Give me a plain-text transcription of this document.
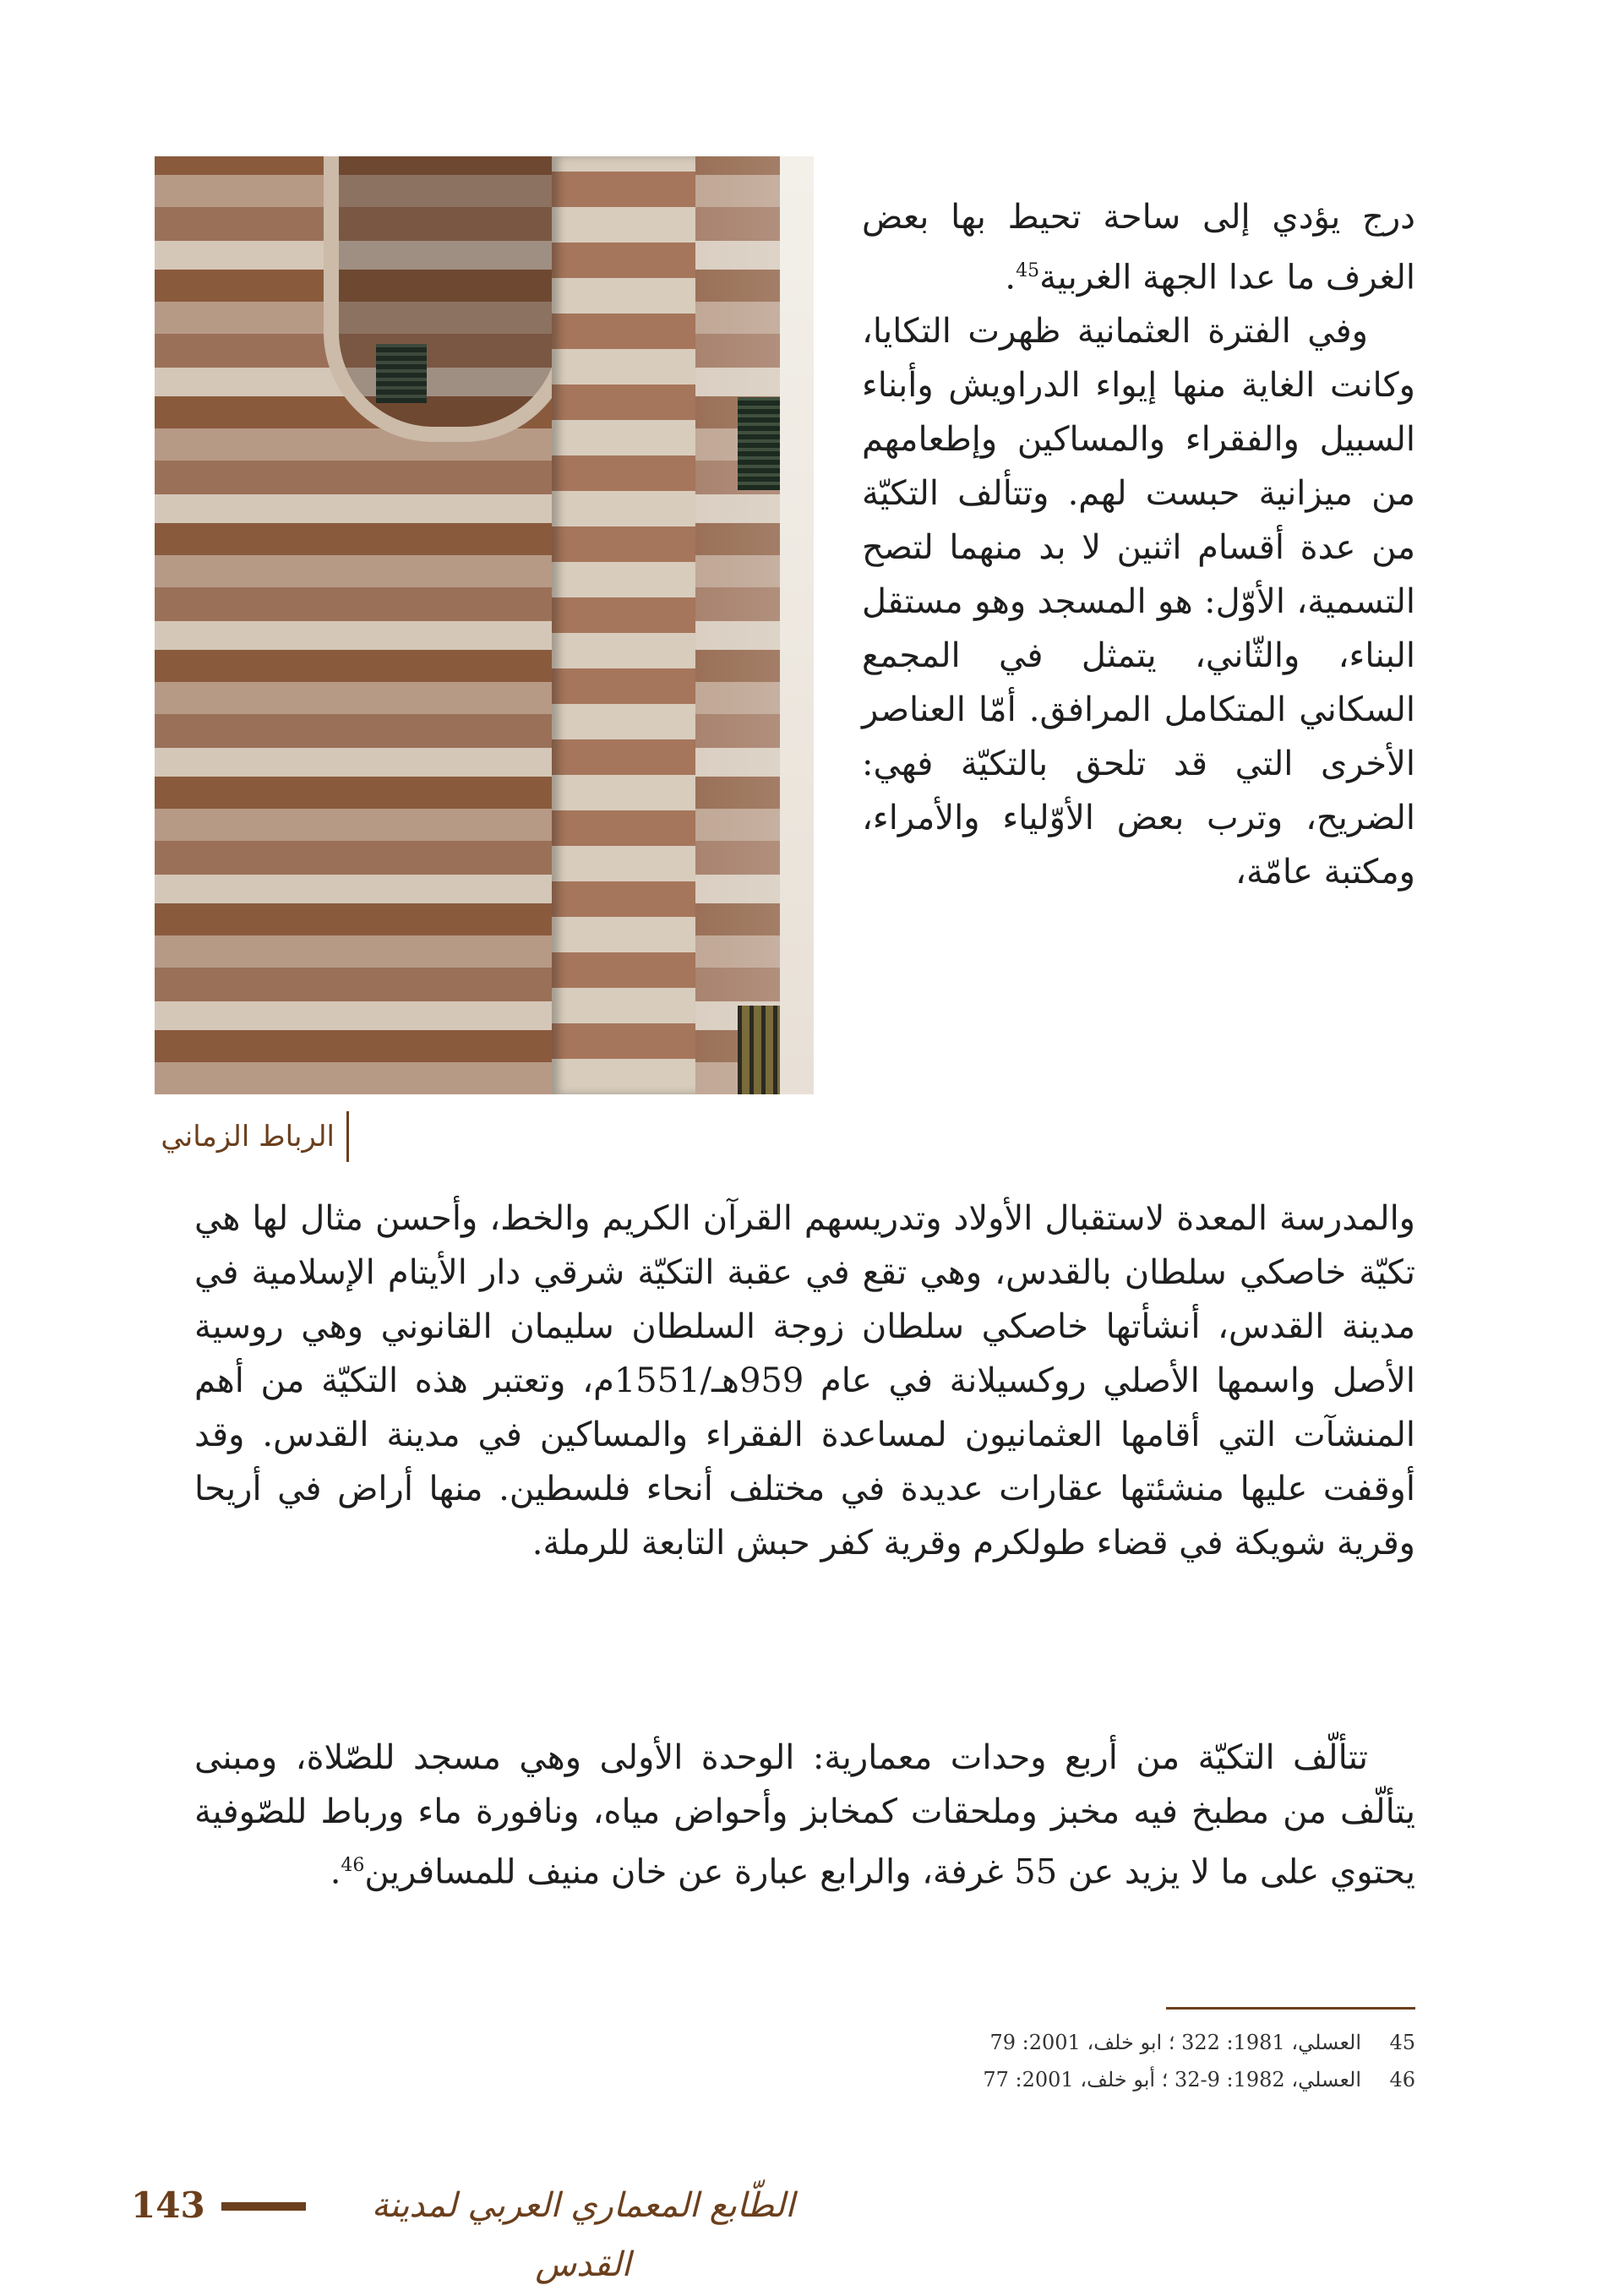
الرباط الزماني

درج يؤدي إلى ساحة تحيط بها بعض الغرف ما عدا الجهة الغربية$^{45}$.

وفي الفترة العثمانية ظهرت التكايا، وكانت الغاية منها إيواء الدراويش وأبناء السبيل والفقراء والمساكين وإطعامهم من ميزانية حبست لهم. وتتألف التكيّة من عدة أقسام اثنين لا بد منهما لتصح التسمية، الأوّل: هو المسجد وهو مستقل البناء، والثّاني، يتمثل في المجمع السكاني المتكامل المرافق. أمّا العناصر الأخرى التي قد تلحق بالتكيّة فهي: الضريح، وترب بعض الأوّلياء والأمراء، ومكتبة عامّة،

والمدرسة المعدة لاستقبال الأولاد وتدريسهم القرآن الكريم والخط، وأحسن مثال لها هي تكيّة خاصكي سلطان بالقدس، وهي تقع في عقبة التكيّة شرقي دار الأيتام الإسلامية في مدينة القدس، أنشأتها خاصكي سلطان زوجة السلطان سليمان القانوني وهي روسية الأصل واسمها الأصلي روكسيلانة في عام 959هـ/1551م، وتعتبر هذه التكيّة من أهم المنشآت التي أقامها العثمانيون لمساعدة الفقراء والمساكين في مدينة القدس. وقد أوقفت عليها منشئتها عقارات عديدة في مختلف أنحاء فلسطين. منها أراض في أريحا وقرية شويكة في قضاء طولكرم وقرية كفر حبش التابعة للرملة.

تتألّف التكيّة من أربع وحدات معمارية: الوحدة الأولى وهي مسجد للصّلاة، ومبنى يتألّف من مطبخ فيه مخبز وملحقات كمخابز وأحواض مياه، ونافورة ماء ورباط للصّوفية يحتوي على ما لا يزيد عن 55 غرفة، والرابع عبارة عن خان منيف للمسافرين$^{46}$.

45
العسلي، 1981: 322 ؛ ابو خلف، 2001: 79
46
العسلي، 1982: 9-32 ؛ أبو خلف، 2001: 77
الطّابع المعماري العربي لمدينة القدس
143
